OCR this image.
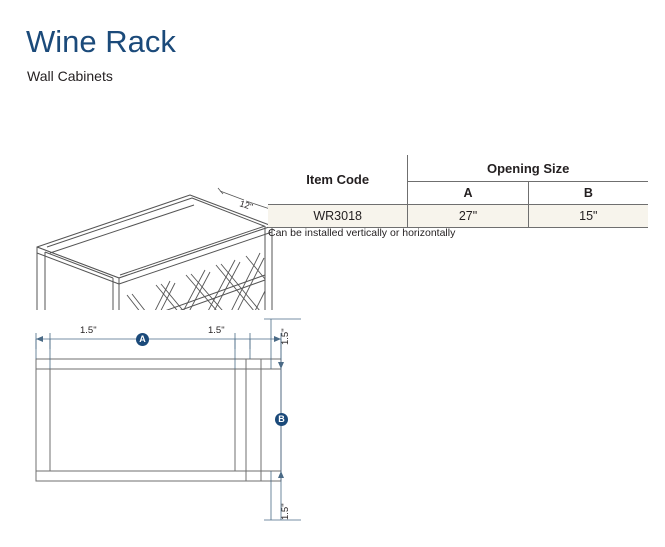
Wine Rack
Wall Cabinets
12"
Item Code	Opening Size	
	A	B
WR3018	27"	15"
Can be installed vertically or horizontally
1.5"	1.5"	1.5"
1.5"
A
B
